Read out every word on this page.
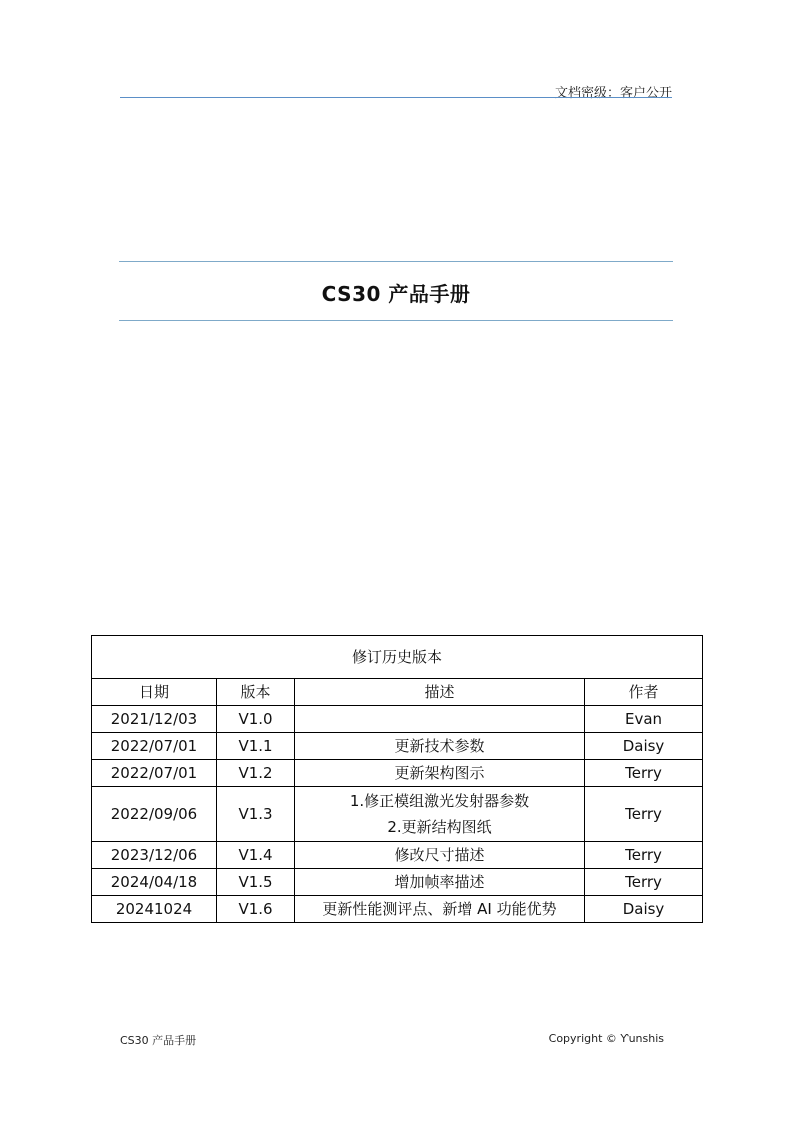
文档密级：客户公开
CS30 产品手册
修订历史版本			
日期	版本	描述	作者
2021/12/03	V1.0		Evan
2022/07/01	V1.1	更新技术参数	Daisy
2022/07/01	V1.2	更新架构图示	Terry
2022/09/06	V1.3	1.修正模组激光发射器参数
2.更新结构图纸	Terry
2023/12/06	V1.4	修改尺寸描述	Terry
2024/04/18	V1.5	增加帧率描述	Terry
20241024	V1.6	更新性能测评点、新增 AI 功能优势	Daisy
CS30 产品手册	Copyright © Ƴunshis
